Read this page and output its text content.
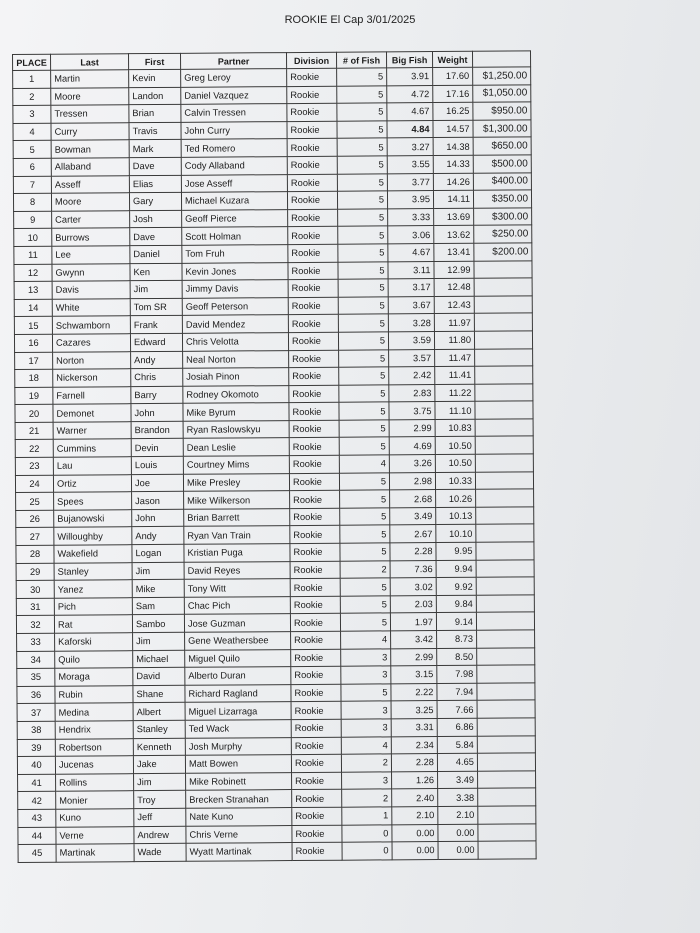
ROOKIE El Cap 3/01/2025
PLACE	Last	First	Partner	Division	# of Fish	Big Fish	Weight	
1	Martin	Kevin	Greg Leroy	Rookie	5	3.91	17.60	$1,250.00
2	Moore	Landon	Daniel Vazquez	Rookie	5	4.72	17.16	$1,050.00
3	Tressen	Brian	Calvin Tressen	Rookie	5	4.67	16.25	$950.00
4	Curry	Travis	John Curry	Rookie	5	4.84	14.57	$1,300.00
5	Bowman	Mark	Ted Romero	Rookie	5	3.27	14.38	$650.00
6	Allaband	Dave	Cody Allaband	Rookie	5	3.55	14.33	$500.00
7	Asseff	Elias	Jose Asseff	Rookie	5	3.77	14.26	$400.00
8	Moore	Gary	Michael Kuzara	Rookie	5	3.95	14.11	$350.00
9	Carter	Josh	Geoff Pierce	Rookie	5	3.33	13.69	$300.00
10	Burrows	Dave	Scott Holman	Rookie	5	3.06	13.62	$250.00
11	Lee	Daniel	Tom Fruh	Rookie	5	4.67	13.41	$200.00
12	Gwynn	Ken	Kevin Jones	Rookie	5	3.11	12.99	
13	Davis	Jim	Jimmy Davis	Rookie	5	3.17	12.48	
14	White	Tom SR	Geoff Peterson	Rookie	5	3.67	12.43	
15	Schwamborn	Frank	David Mendez	Rookie	5	3.28	11.97	
16	Cazares	Edward	Chris Velotta	Rookie	5	3.59	11.80	
17	Norton	Andy	Neal Norton	Rookie	5	3.57	11.47	
18	Nickerson	Chris	Josiah Pinon	Rookie	5	2.42	11.41	
19	Farnell	Barry	Rodney Okomoto	Rookie	5	2.83	11.22	
20	Demonet	John	Mike Byrum	Rookie	5	3.75	11.10	
21	Warner	Brandon	Ryan Raslowskyu	Rookie	5	2.99	10.83	
22	Cummins	Devin	Dean Leslie	Rookie	5	4.69	10.50	
23	Lau	Louis	Courtney Mims	Rookie	4	3.26	10.50	
24	Ortiz	Joe	Mike Presley	Rookie	5	2.98	10.33	
25	Spees	Jason	Mike Wilkerson	Rookie	5	2.68	10.26	
26	Bujanowski	John	Brian Barrett	Rookie	5	3.49	10.13	
27	Willoughby	Andy	Ryan Van Train	Rookie	5	2.67	10.10	
28	Wakefield	Logan	Kristian Puga	Rookie	5	2.28	9.95	
29	Stanley	Jim	David Reyes	Rookie	2	7.36	9.94	
30	Yanez	Mike	Tony Witt	Rookie	5	3.02	9.92	
31	Pich	Sam	Chac Pich	Rookie	5	2.03	9.84	
32	Rat	Sambo	Jose Guzman	Rookie	5	1.97	9.14	
33	Kaforski	Jim	Gene Weathersbee	Rookie	4	3.42	8.73	
34	Quilo	Michael	Miguel Quilo	Rookie	3	2.99	8.50	
35	Moraga	David	Alberto Duran	Rookie	3	3.15	7.98	
36	Rubin	Shane	Richard Ragland	Rookie	5	2.22	7.94	
37	Medina	Albert	Miguel Lizarraga	Rookie	3	3.25	7.66	
38	Hendrix	Stanley	Ted Wack	Rookie	3	3.31	6.86	
39	Robertson	Kenneth	Josh Murphy	Rookie	4	2.34	5.84	
40	Jucenas	Jake	Matt Bowen	Rookie	2	2.28	4.65	
41	Rollins	Jim	Mike Robinett	Rookie	3	1.26	3.49	
42	Monier	Troy	Brecken Stranahan	Rookie	2	2.40	3.38	
43	Kuno	Jeff	Nate Kuno	Rookie	1	2.10	2.10	
44	Verne	Andrew	Chris Verne	Rookie	0	0.00	0.00	
45	Martinak	Wade	Wyatt Martinak	Rookie	0	0.00	0.00	
